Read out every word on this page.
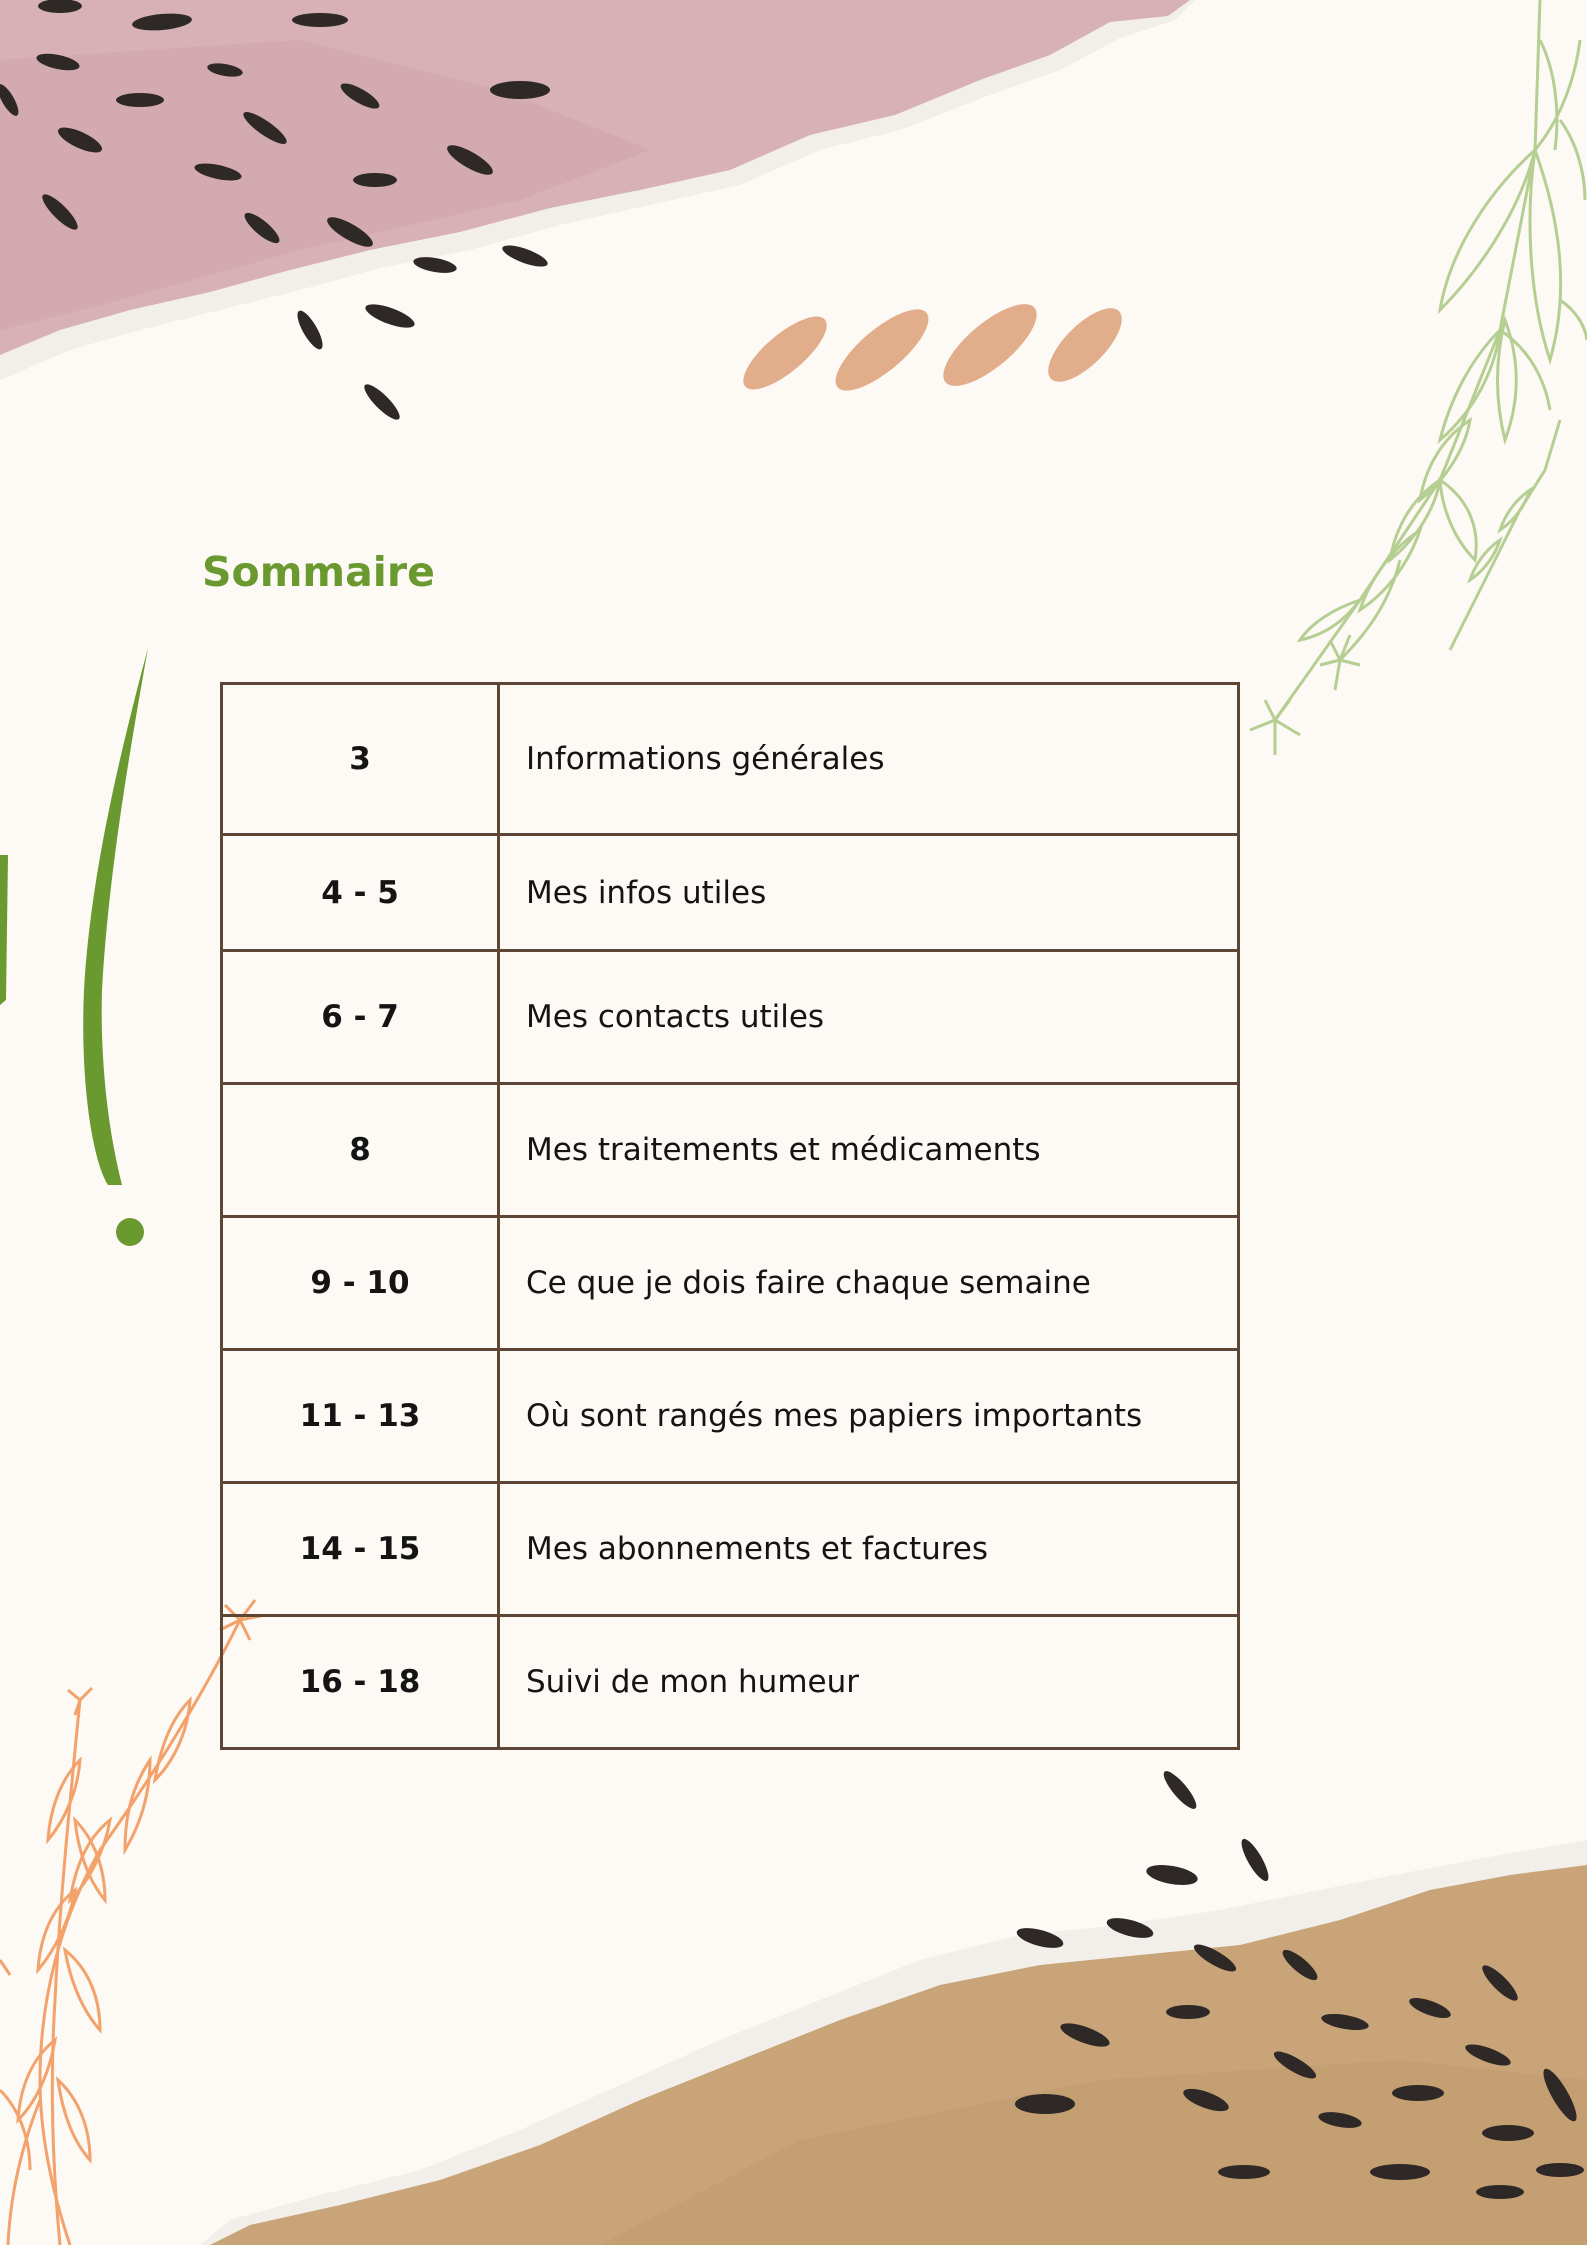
Sommaire
3	Informations générales
4 - 5	Mes infos utiles
6 - 7	Mes contacts utiles
8	Mes traitements et médicaments
9 - 10	Ce que je dois faire chaque semaine
11 - 13	Où sont rangés mes papiers importants
14 - 15	Mes abonnements et factures
16 - 18	Suivi de mon humeur
